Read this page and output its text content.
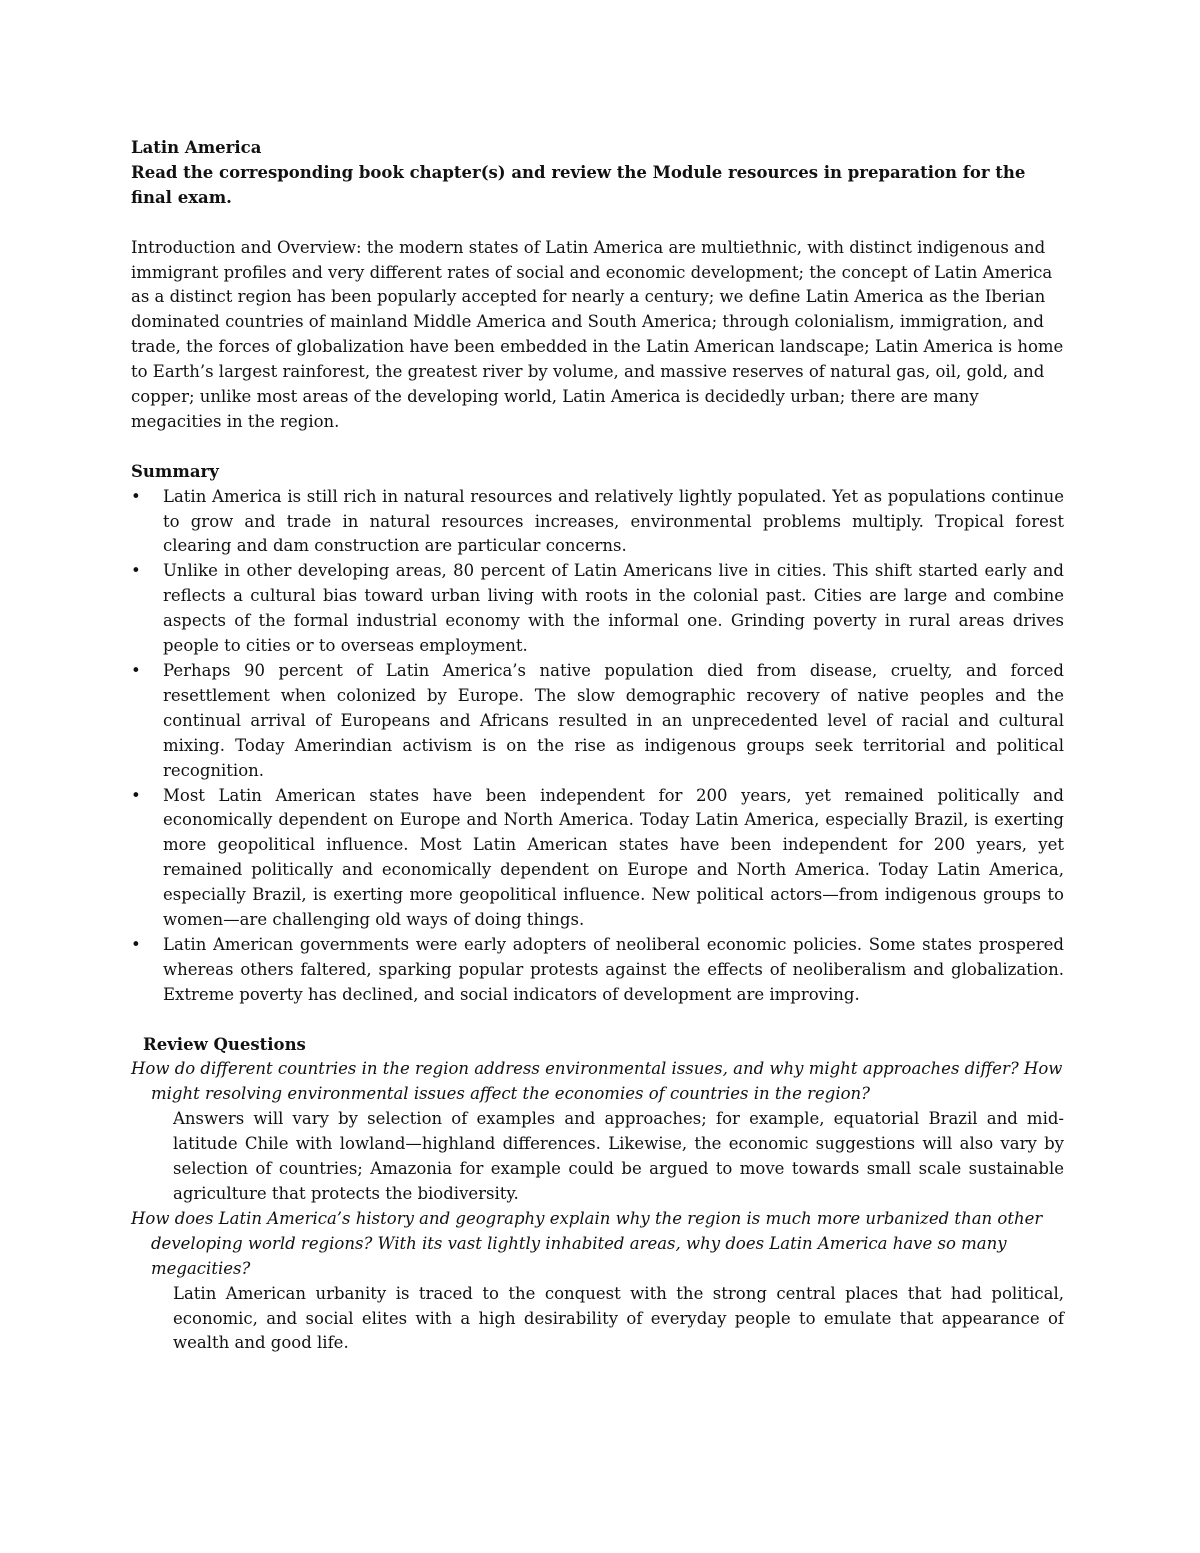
Latin America

Read the corresponding book chapter(s) and review the Module resources in preparation for the final exam.

Introduction and Overview: the modern states of Latin America are multiethnic, with distinct indigenous and immigrant profiles and very different rates of social and economic development; the concept of Latin America as a distinct region has been popularly accepted for nearly a century; we define Latin America as the Iberian dominated countries of mainland Middle America and South America; through colonialism, immigration, and trade, the forces of globalization have been embedded in the Latin American landscape; Latin America is home to Earth’s largest rainforest, the greatest river by volume, and massive reserves of natural gas, oil, gold, and copper; unlike most areas of the developing world, Latin America is decidedly urban; there are many megacities in the region.

Summary

•	Latin America is still rich in natural resources and relatively lightly populated. Yet as populations continue to grow and trade in natural resources increases, environmental problems multiply. Tropical forest clearing and dam construction are particular concerns.
•	Unlike in other developing areas, 80 percent of Latin Americans live in cities. This shift started early and reflects a cultural bias toward urban living with roots in the colonial past. Cities are large and combine aspects of the formal industrial economy with the informal one. Grinding poverty in rural areas drives people to cities or to overseas employment.
•	Perhaps 90 percent of Latin America’s native population died from disease, cruelty, and forced resettlement when colonized by Europe. The slow demographic recovery of native peoples and the continual arrival of Europeans and Africans resulted in an unprecedented level of racial and cultural mixing. Today Amerindian activism is on the rise as indigenous groups seek territorial and political recognition.
•	Most Latin American states have been independent for 200 years, yet remained politically and economically dependent on Europe and North America. Today Latin America, especially Brazil, is exerting more geopolitical influence. Most Latin American states have been independent for 200 years, yet remained politically and economically dependent on Europe and North America. Today Latin America, especially Brazil, is exerting more geopolitical influence. New political actors—from indigenous groups to women—are challenging old ways of doing things.
•	Latin American governments were early adopters of neoliberal economic policies. Some states prospered whereas others faltered, sparking popular protests against the effects of neoliberalism and globalization. Extreme poverty has declined, and social indicators of development are improving.

Review Questions

How do different countries in the region address environmental issues, and why might approaches differ? How might resolving environmental issues affect the economies of countries in the region?

Answers will vary by selection of examples and approaches; for example, equatorial Brazil and mid-latitude Chile with lowland—highland differences. Likewise, the economic suggestions will also vary by selection of countries; Amazonia for example could be argued to move towards small scale sustainable agriculture that protects the biodiversity.

How does Latin America’s history and geography explain why the region is much more urbanized than other developing world regions? With its vast lightly inhabited areas, why does Latin America have so many megacities?

Latin American urbanity is traced to the conquest with the strong central places that had political, economic, and social elites with a high desirability of everyday people to emulate that appearance of wealth and good life.
